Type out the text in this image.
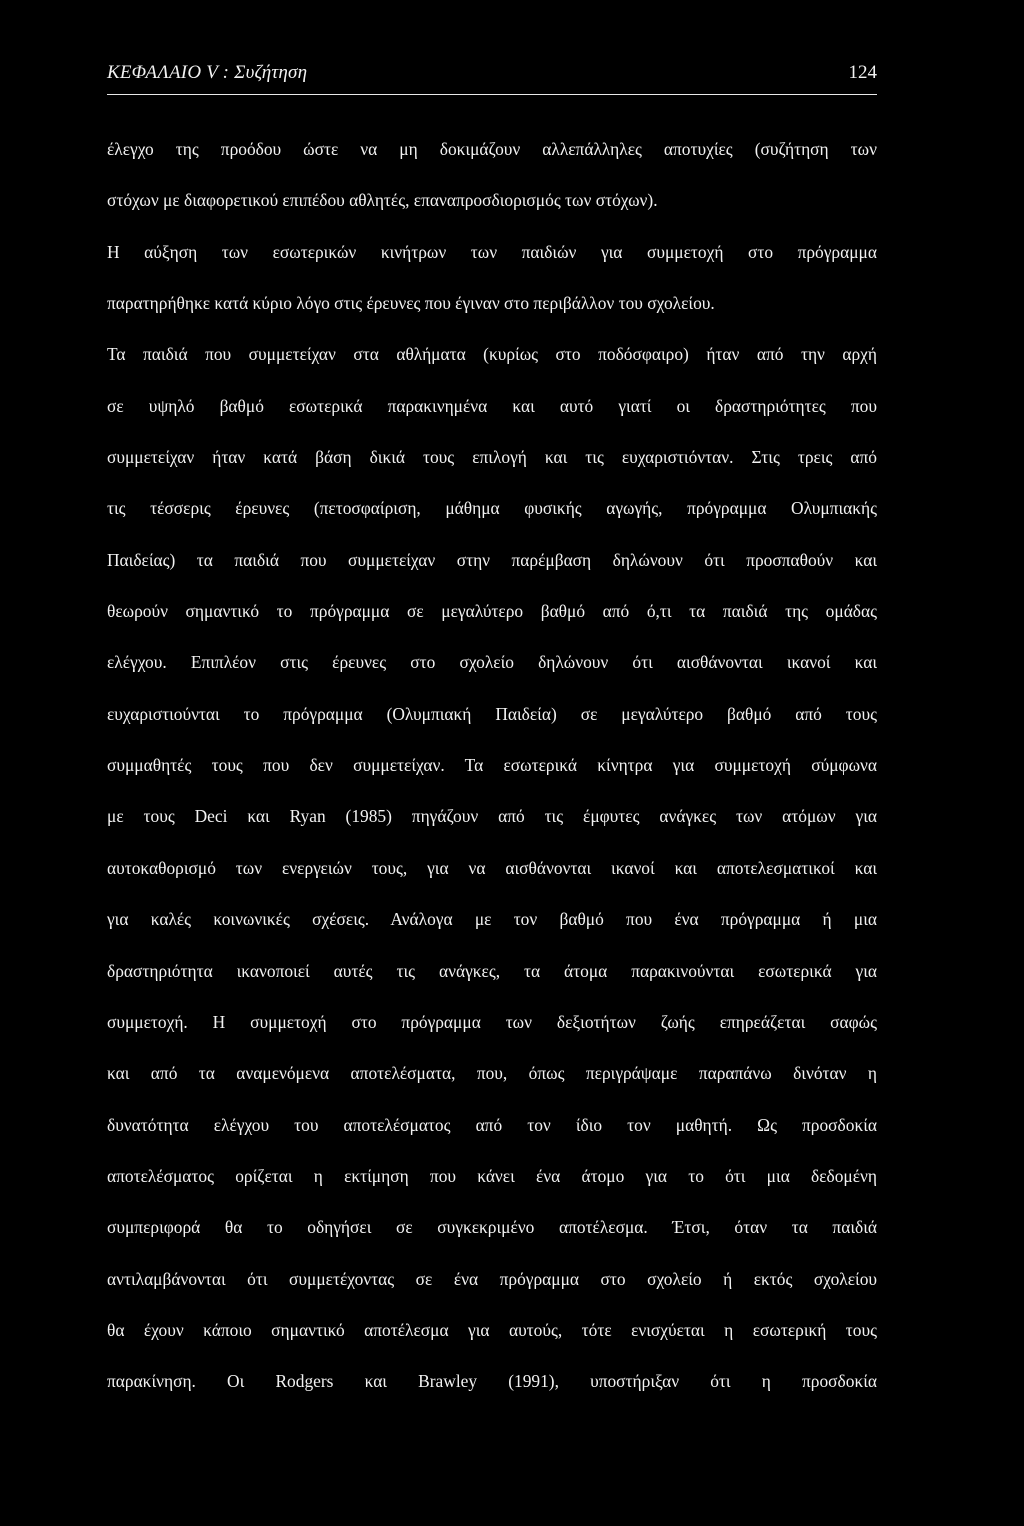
ΚΕΦΑΛΑΙΟ V : Συζήτηση	124
έλεγχο της προόδου ώστε να μη δοκιμάζουν αλλεπάλληλες αποτυχίες (συζήτηση των
στόχων με διαφορετικού επιπέδου αθλητές, επαναπροσδιορισμός των στόχων).
Η αύξηση των εσωτερικών κινήτρων των παιδιών για συμμετοχή στο πρόγραμμα
παρατηρήθηκε κατά κύριο λόγο στις έρευνες που έγιναν στο περιβάλλον του σχολείου.
Τα παιδιά που συμμετείχαν στα αθλήματα (κυρίως στο ποδόσφαιρο) ήταν από την αρχή
σε υψηλό βαθμό εσωτερικά παρακινημένα και αυτό γιατί οι δραστηριότητες που
συμμετείχαν ήταν κατά βάση δικιά τους επιλογή και τις ευχαριστιόνταν. Στις τρεις από
τις τέσσερις έρευνες (πετοσφαίριση, μάθημα φυσικής αγωγής, πρόγραμμα Ολυμπιακής
Παιδείας) τα παιδιά που συμμετείχαν στην παρέμβαση δηλώνουν ότι προσπαθούν και
θεωρούν σημαντικό το πρόγραμμα σε μεγαλύτερο βαθμό από ό,τι τα παιδιά της ομάδας
ελέγχου. Επιπλέον στις έρευνες στο σχολείο δηλώνουν ότι αισθάνονται ικανοί και
ευχαριστιούνται το πρόγραμμα (Ολυμπιακή Παιδεία) σε μεγαλύτερο βαθμό από τους
συμμαθητές τους που δεν συμμετείχαν. Τα εσωτερικά κίνητρα για συμμετοχή σύμφωνα
με τους Deci και Ryan (1985) πηγάζουν από τις έμφυτες ανάγκες των ατόμων για
αυτοκαθορισμό των ενεργειών τους, για να αισθάνονται ικανοί και αποτελεσματικοί και
για καλές κοινωνικές σχέσεις. Ανάλογα με τον βαθμό που ένα πρόγραμμα ή μια
δραστηριότητα ικανοποιεί αυτές τις ανάγκες, τα άτομα παρακινούνται εσωτερικά για
συμμετοχή. Η συμμετοχή στο πρόγραμμα των δεξιοτήτων ζωής επηρεάζεται σαφώς
και από τα αναμενόμενα αποτελέσματα, που, όπως περιγράψαμε παραπάνω δινόταν η
δυνατότητα ελέγχου του αποτελέσματος από τον ίδιο τον μαθητή. Ως προσδοκία
αποτελέσματος ορίζεται η εκτίμηση που κάνει ένα άτομο για το ότι μια δεδομένη
συμπεριφορά θα το οδηγήσει σε συγκεκριμένο αποτέλεσμα. Έτσι, όταν τα παιδιά
αντιλαμβάνονται ότι συμμετέχοντας σε ένα πρόγραμμα στο σχολείο ή εκτός σχολείου
θα έχουν κάποιο σημαντικό αποτέλεσμα για αυτούς, τότε ενισχύεται η εσωτερική τους
παρακίνηση. Οι Rodgers και Brawley (1991), υποστήριξαν ότι η προσδοκία
